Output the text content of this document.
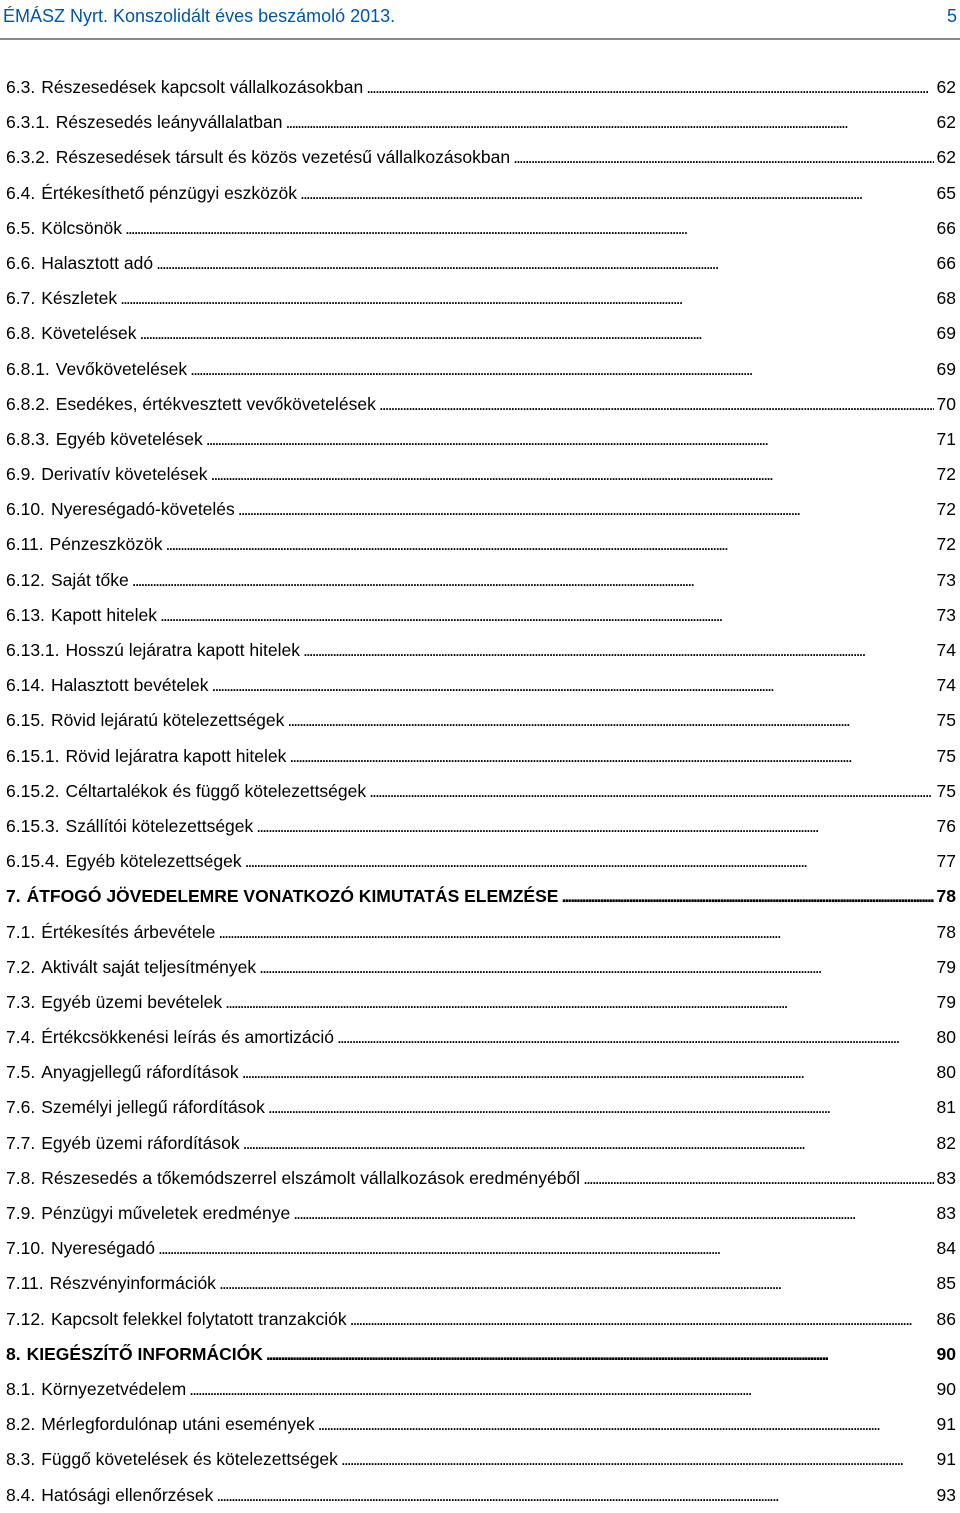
ÉMÁSZ Nyrt. Konszolidált éves beszámoló 2013.	5
6.3. Részesedések kapcsolt vállalkozásokban . . .	62
6.3.1. Részesedés leányvállalatban . . .	62
6.3.2. Részesedések társult és közös vezetésű vállalkozásokban . . .	62
6.4. Értékesíthető pénzügyi eszközök . . .	65
6.5. Kölcsönök . . .	66
6.6. Halasztott adó . . .	66
6.7. Készletek . . .	68
6.8. Követelések . . .	69
6.8.1. Vevőkövetelések . . .	69
6.8.2. Esedékes, értékvesztett vevőkövetelések . . .	70
6.8.3. Egyéb követelések . . .	71
6.9. Derivatív követelések . . .	72
6.10. Nyereségadó-követelés . . .	72
6.11. Pénzeszközök . . .	72
6.12. Saját tőke . . .	73
6.13. Kapott hitelek . . .	73
6.13.1. Hosszú lejáratra kapott hitelek . . .	74
6.14. Halasztott bevételek . . .	74
6.15. Rövid lejáratú kötelezettségek . . .	75
6.15.1. Rövid lejáratra kapott hitelek . . .	75
6.15.2. Céltartalékok és függő kötelezettségek . . .	75
6.15.3. Szállítói kötelezettségek . . .	76
6.15.4. Egyéb kötelezettségek . . .	77
7. ÁTFOGÓ JÖVEDELEMRE VONATKOZÓ KIMUTATÁS ELEMZÉSE . . .	78
7.1. Értékesítés árbevétele . . .	78
7.2. Aktivált saját teljesítmények . . .	79
7.3. Egyéb üzemi bevételek . . .	79
7.4. Értékcsökkenési leírás és amortizáció . . .	80
7.5. Anyagjellegű ráfordítások . . .	80
7.6. Személyi jellegű ráfordítások . . .	81
7.7. Egyéb üzemi ráfordítások . . .	82
7.8. Részesedés a tőkemódszerrel elszámolt vállalkozások eredményéből . . .	83
7.9. Pénzügyi műveletek eredménye . . .	83
7.10. Nyereségadó . . .	84
7.11. Részvényinformációk . . .	85
7.12. Kapcsolt felekkel folytatott tranzakciók . . .	86
8. KIEGÉSZÍTŐ INFORMÁCIÓK . . .	90
8.1. Környezetvédelem . . .	90
8.2. Mérlegfordulónap utáni események . . .	91
8.3. Függő követelések és kötelezettségek . . .	91
8.4. Hatósági ellenőrzések . . .	93
